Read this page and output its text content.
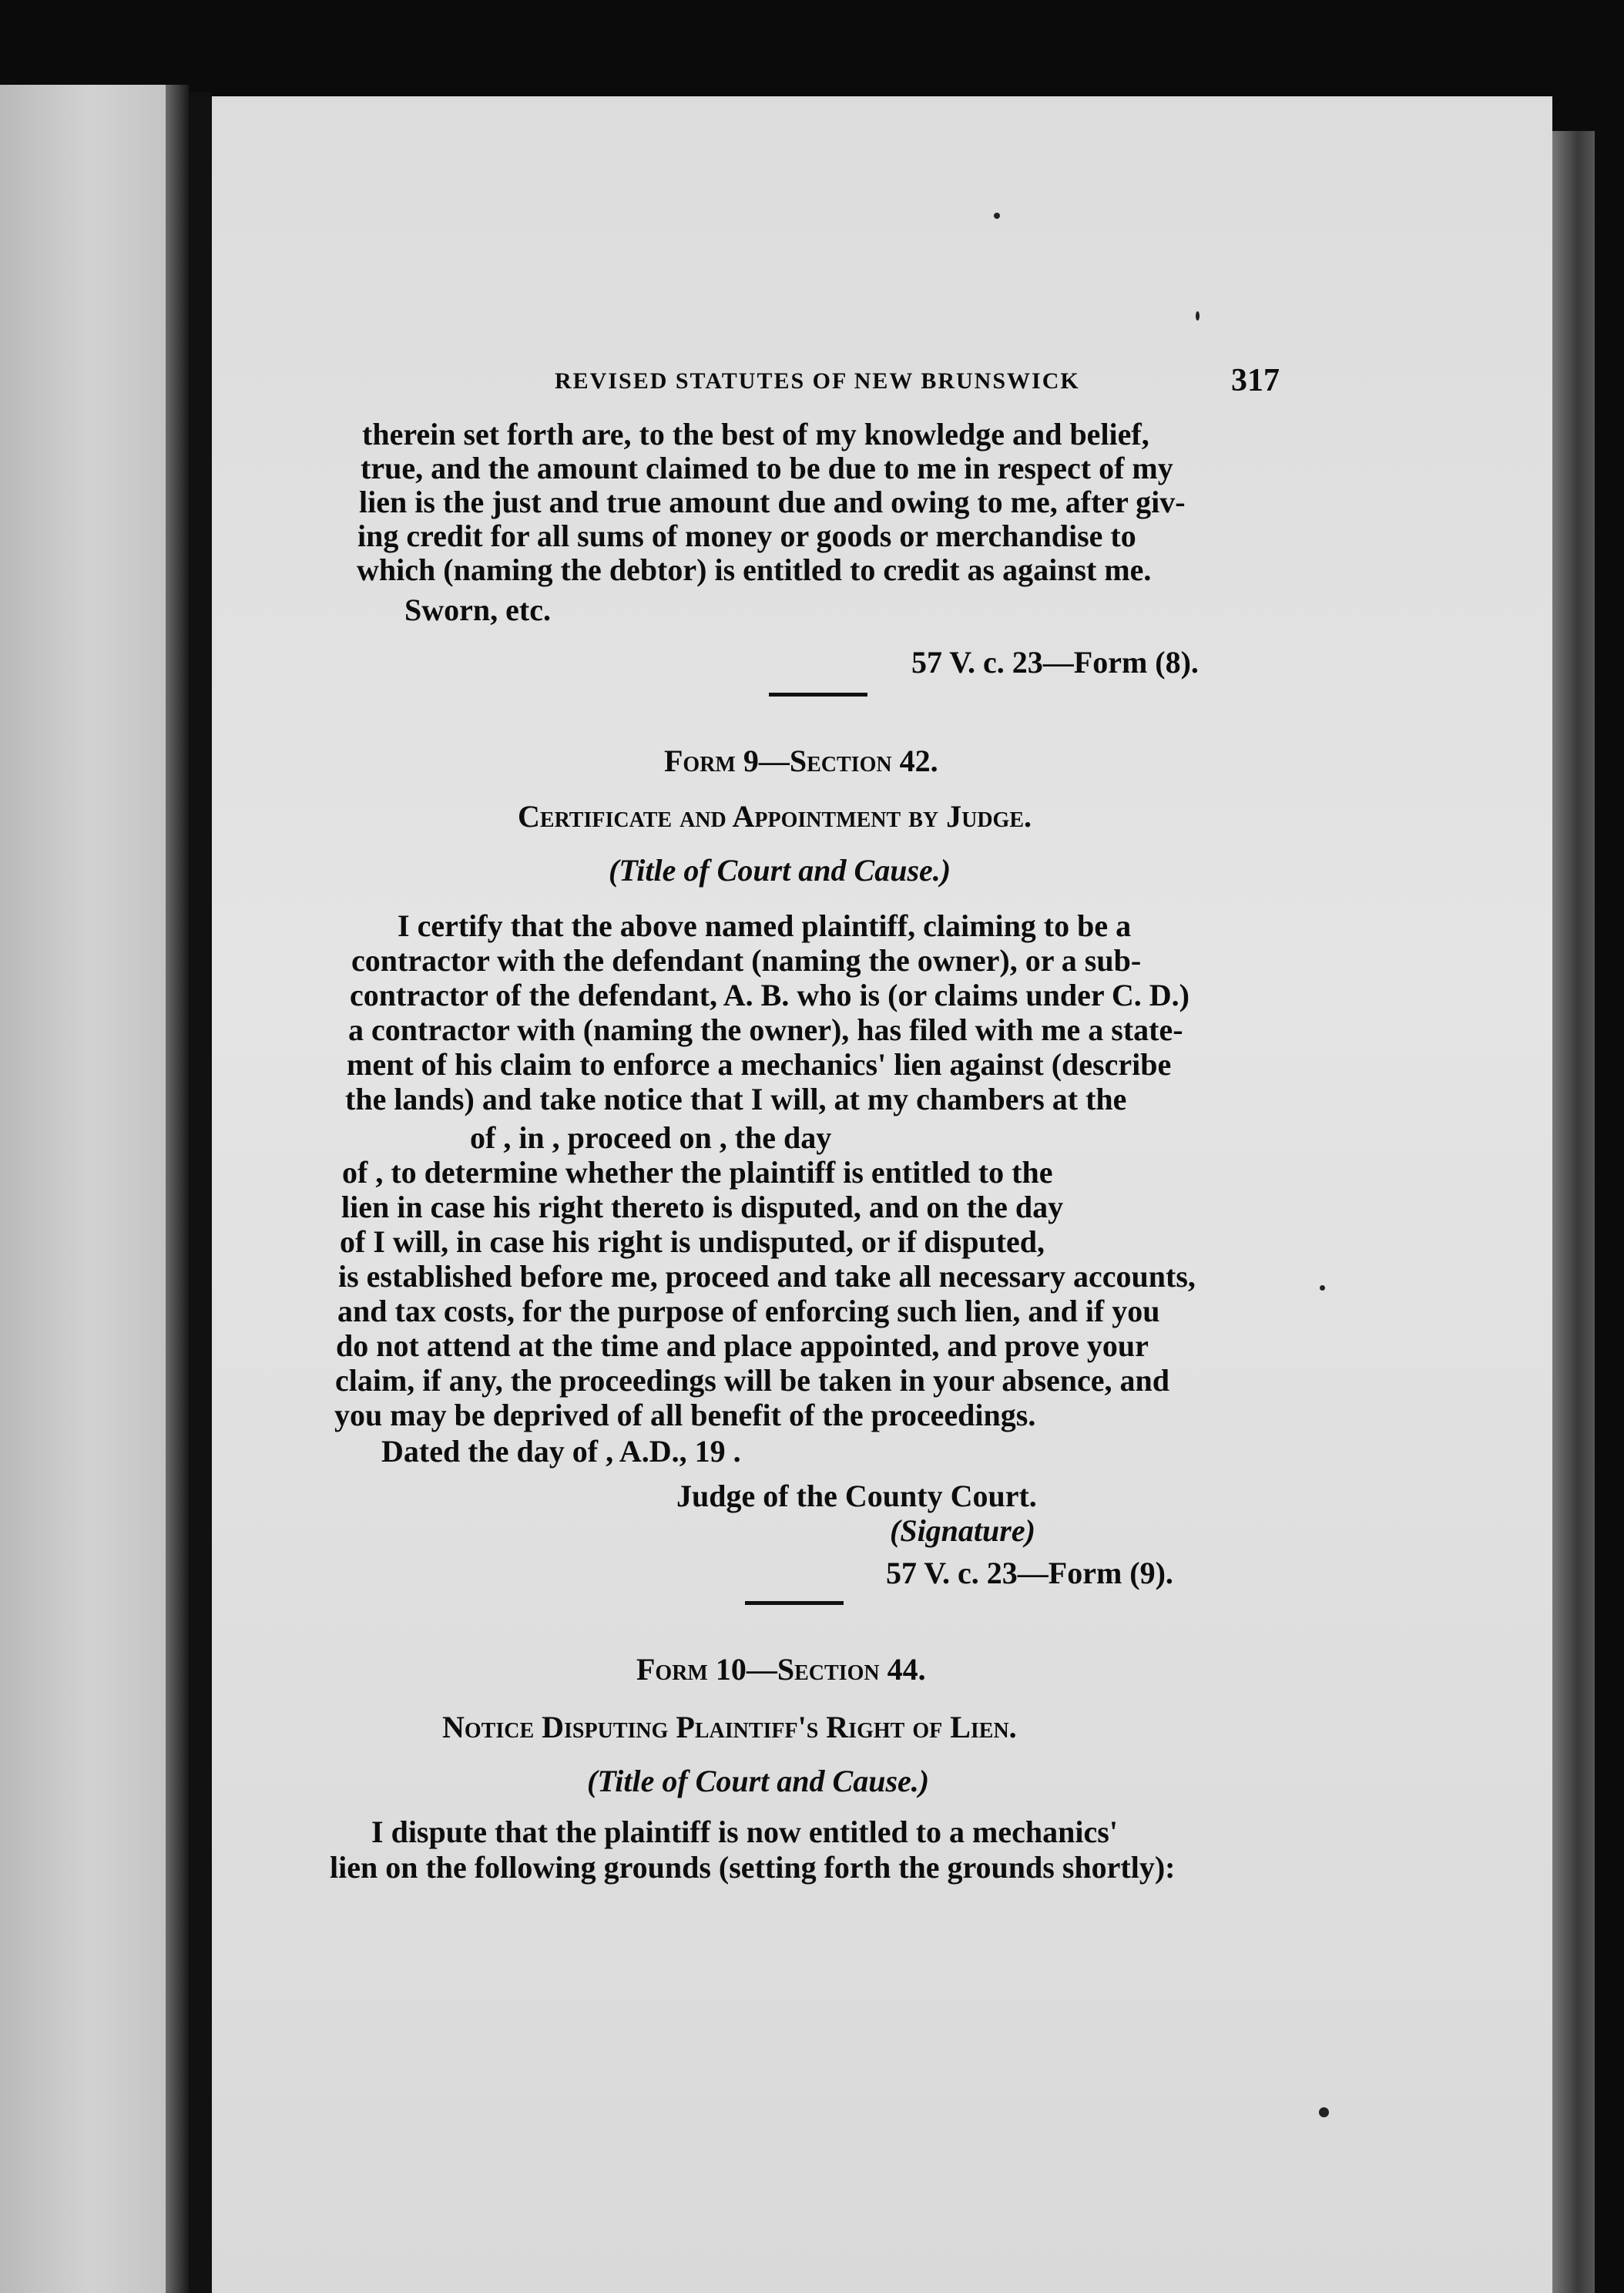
REVISED STATUTES OF NEW BRUNSWICK	317
therein set forth are, to the best of my knowledge and belief,
true, and the amount claimed to be due to me in respect of my
lien is the just and true amount due and owing to me, after giv-
ing credit for all sums of money or goods or merchandise to
which (naming the debtor) is entitled to credit as against me.
Sworn, etc.
57 V. c. 23—Form (8).
Form 9—Section 42.
Certificate and Appointment by Judge.
(Title of Court and Cause.)
I certify that the above named plaintiff, claiming to be a
contractor with the defendant (naming the owner), or a sub-
contractor of the defendant, A. B. who is (or claims under C. D.)
a contractor with (naming the owner), has filed with me a state-
ment of his claim to enforce a mechanics' lien against (describe
the lands) and take notice that I will, at my chambers at the
of , in , proceed on , the day
of , to determine whether the plaintiff is entitled to the
lien in case his right thereto is disputed, and on the day
of I will, in case his right is undisputed, or if disputed,
is established before me, proceed and take all necessary accounts,
and tax costs, for the purpose of enforcing such lien, and if you
do not attend at the time and place appointed, and prove your
claim, if any, the proceedings will be taken in your absence, and
you may be deprived of all benefit of the proceedings.
Dated the day of , A.D., 19 .
Judge of the County Court.
(Signature)
57 V. c. 23—Form (9).
Form 10—Section 44.
Notice Disputing Plaintiff's Right of Lien.
(Title of Court and Cause.)
I dispute that the plaintiff is now entitled to a mechanics'
lien on the following grounds (setting forth the grounds shortly):
